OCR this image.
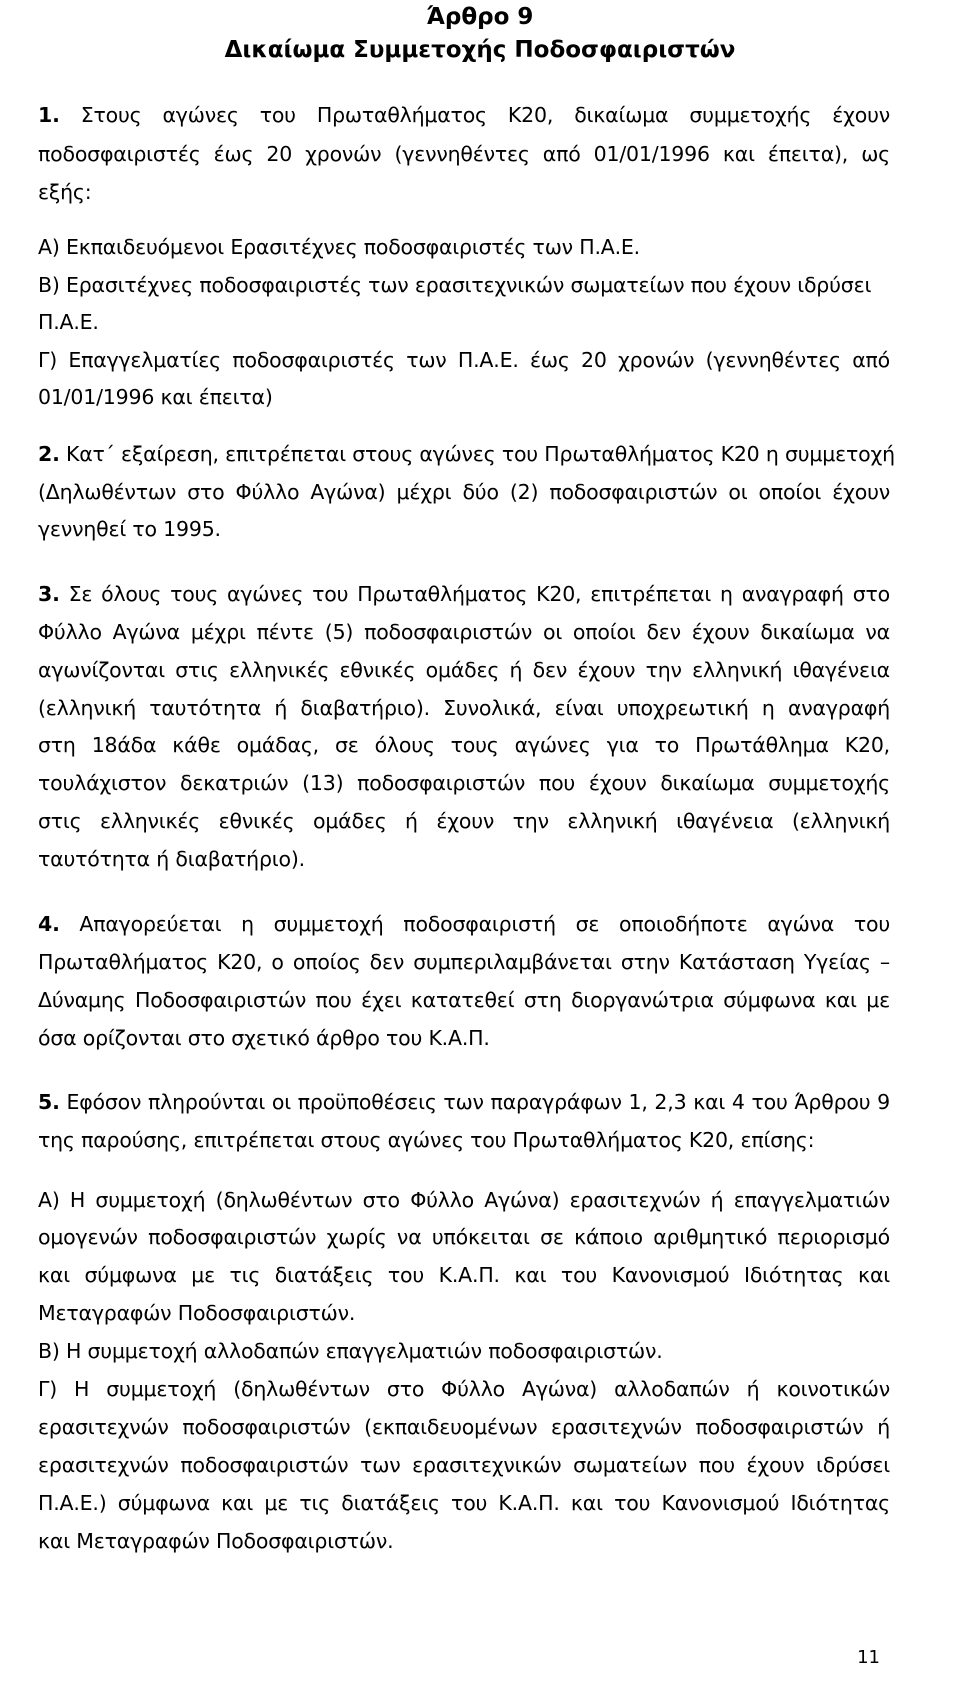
Άρθρο 9
Δικαίωμα Συμμετοχής Ποδοσφαιριστών
1. Στους αγώνες του Πρωταθλήματος Κ20, δικαίωμα συμμετοχής έχουν
ποδοσφαιριστές έως 20 χρονών (γεννηθέντες από 01/01/1996 και έπειτα), ως
εξής:
Α) Εκπαιδευόμενοι Ερασιτέχνες ποδοσφαιριστές των Π.Α.Ε.
Β) Ερασιτέχνες ποδοσφαιριστές των ερασιτεχνικών σωματείων που έχουν ιδρύσει
Π.Α.Ε.
Γ) Επαγγελματίες ποδοσφαιριστές των Π.Α.Ε. έως 20 χρονών (γεννηθέντες από
01/01/1996 και έπειτα)
2. Κατ΄ εξαίρεση, επιτρέπεται στους αγώνες του Πρωταθλήματος Κ20 η συμμετοχή
(Δηλωθέντων στο Φύλλο Αγώνα) μέχρι δύο (2) ποδοσφαιριστών οι οποίοι έχουν
γεννηθεί το 1995.
3. Σε όλους τους αγώνες του Πρωταθλήματος Κ20, επιτρέπεται η αναγραφή στο
Φύλλο Αγώνα μέχρι πέντε (5) ποδοσφαιριστών οι οποίοι δεν έχουν δικαίωμα να
αγωνίζονται στις ελληνικές εθνικές ομάδες ή δεν έχουν την ελληνική ιθαγένεια
(ελληνική ταυτότητα ή διαβατήριο). Συνολικά, είναι υποχρεωτική η αναγραφή
στη 18άδα κάθε ομάδας, σε όλους τους αγώνες για το Πρωτάθλημα Κ20,
τουλάχιστον δεκατριών (13) ποδοσφαιριστών που έχουν δικαίωμα συμμετοχής
στις ελληνικές εθνικές ομάδες ή έχουν την ελληνική ιθαγένεια (ελληνική
ταυτότητα ή διαβατήριο).
4. Απαγορεύεται η συμμετοχή ποδοσφαιριστή σε οποιοδήποτε αγώνα του
Πρωταθλήματος Κ20, ο οποίος δεν συμπεριλαμβάνεται στην Κατάσταση Υγείας –
Δύναμης Ποδοσφαιριστών που έχει κατατεθεί στη διοργανώτρια σύμφωνα και με
όσα ορίζονται στο σχετικό άρθρο του Κ.Α.Π.
5. Εφόσον πληρούνται οι προϋποθέσεις των παραγράφων 1, 2,3 και 4 του Άρθρου 9
της παρούσης, επιτρέπεται στους αγώνες του Πρωταθλήματος Κ20, επίσης:
Α) Η συμμετοχή (δηλωθέντων στο Φύλλο Αγώνα) ερασιτεχνών ή επαγγελματιών
ομογενών ποδοσφαιριστών χωρίς να υπόκειται σε κάποιο αριθμητικό περιορισμό
και σύμφωνα με τις διατάξεις του Κ.Α.Π. και του Κανονισμού Ιδιότητας και
Μεταγραφών Ποδοσφαιριστών.
Β) Η συμμετοχή αλλοδαπών επαγγελματιών ποδοσφαιριστών.
Γ) Η συμμετοχή (δηλωθέντων στο Φύλλο Αγώνα) αλλοδαπών ή κοινοτικών
ερασιτεχνών ποδοσφαιριστών (εκπαιδευομένων ερασιτεχνών ποδοσφαιριστών ή
ερασιτεχνών ποδοσφαιριστών των ερασιτεχνικών σωματείων που έχουν ιδρύσει
Π.Α.Ε.) σύμφωνα και με τις διατάξεις του Κ.Α.Π. και του Κανονισμού Ιδιότητας
και Μεταγραφών Ποδοσφαιριστών.
11
